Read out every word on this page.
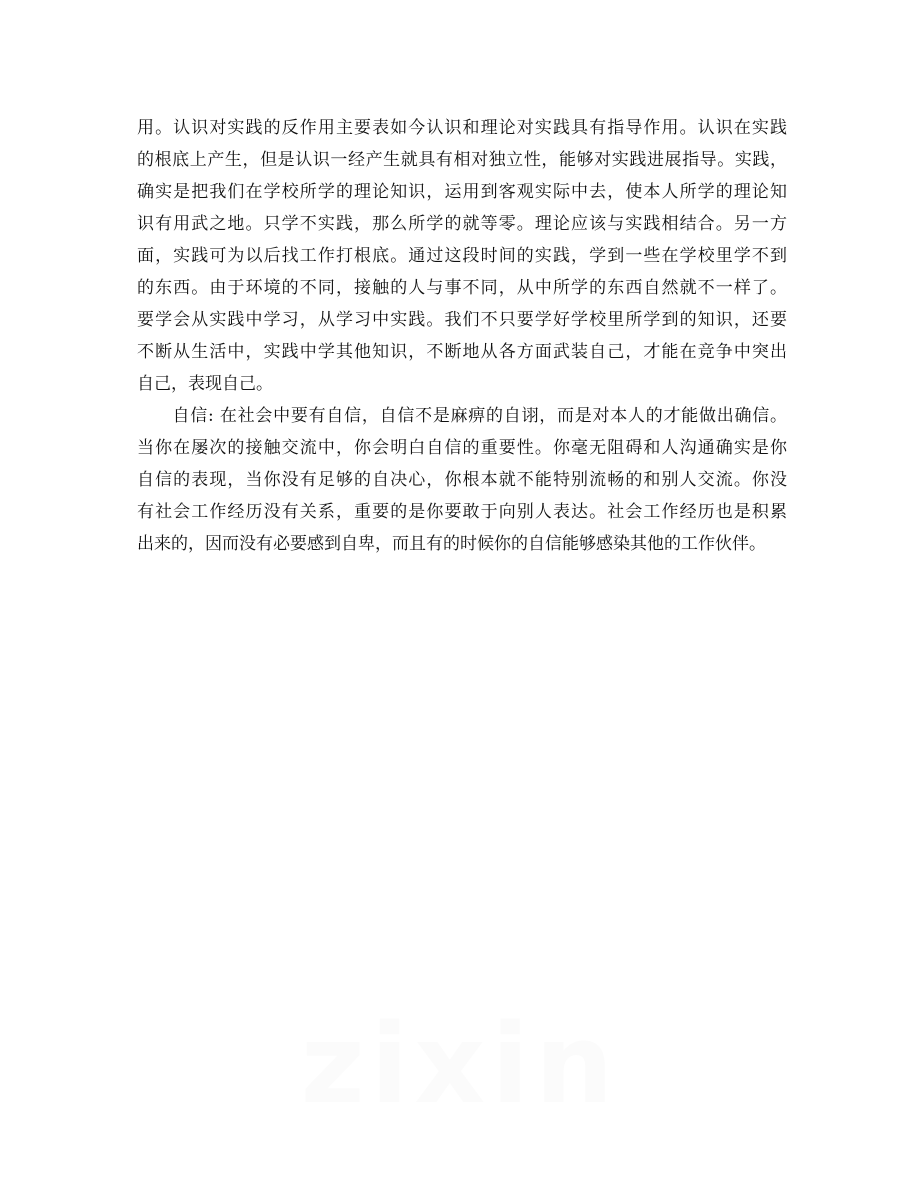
用。认识对实践的反作用主要表如今认识和理论对实践具有指导作用。认识在实践
的根底上产生，但是认识一经产生就具有相对独立性，能够对实践进展指导。实践，
确实是把我们在学校所学的理论知识，运用到客观实际中去，使本人所学的理论知
识有用武之地。只学不实践，那么所学的就等零。理论应该与实践相结合。另一方
面，实践可为以后找工作打根底。通过这段时间的实践，学到一些在学校里学不到
的东西。由于环境的不同，接触的人与事不同，从中所学的东西自然就不一样了。
要学会从实践中学习，从学习中实践。我们不只要学好学校里所学到的知识，还要
不断从生活中，实践中学其他知识，不断地从各方面武装自己，才能在竞争中突出
自己，表现自己。
　　自信: 在社会中要有自信，自信不是麻痹的自诩，而是对本人的才能做出确信。
当你在屡次的接触交流中，你会明白自信的重要性。你毫无阻碍和人沟通确实是你
自信的表现，当你没有足够的自决心，你根本就不能特别流畅的和别人交流。你没
有社会工作经历没有关系，重要的是你要敢于向别人表达。社会工作经历也是积累
出来的，因而没有必要感到自卑，而且有的时候你的自信能够感染其他的工作伙伴。
zixin
